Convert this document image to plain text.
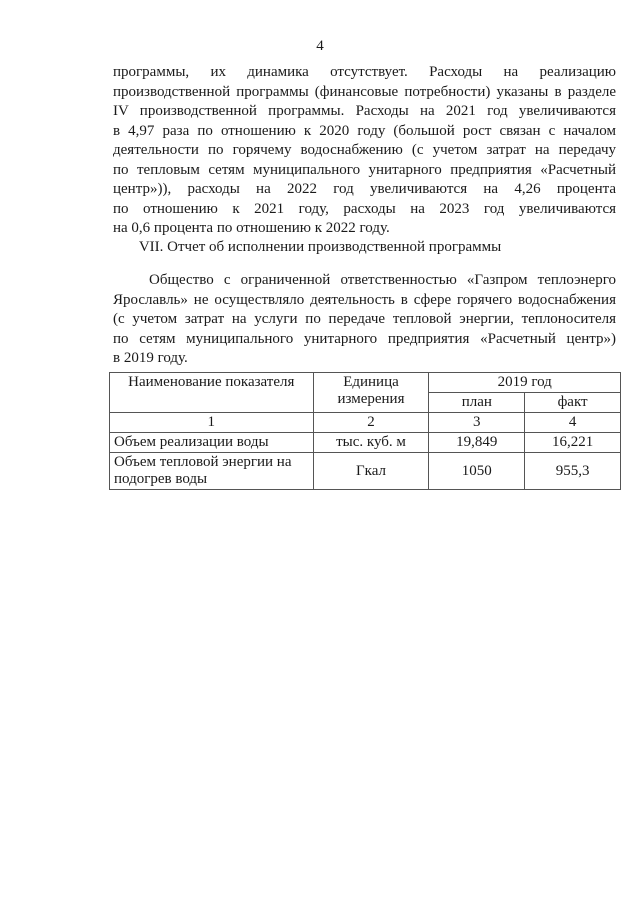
4

программы, их динамика отсутствует. Расходы на реализацию
производственной программы (финансовые потребности) указаны в разделе
IV производственной программы. Расходы на 2021 год увеличиваются
в 4,97 раза по отношению к 2020 году (большой рост связан с началом
деятельности по горячему водоснабжению (с учетом затрат на передачу
по тепловым сетям муниципального унитарного предприятия «Расчетный
центр»)), расходы на 2022 год увеличиваются на 4,26 процента
по отношению к 2021 году, расходы на 2023 год увеличиваются
на 0,6 процента по отношению к 2022 году.

VII. Отчет об исполнении производственной программы

Общество с ограниченной ответственностью «Газпром теплоэнерго
Ярославль» не осуществляло деятельность в сфере горячего водоснабжения
(с учетом затрат на услуги по передаче тепловой энергии, теплоносителя
по сетям муниципального унитарного предприятия «Расчетный центр»)
в 2019 году.

Наименование показателя	Единица измерения	2019 год	
		план	факт
1	2	3	4
Объем реализации воды	тыс. куб. м	19,849	16,221
Объем тепловой энергии на подогрев воды	Гкал	1050	955,3
